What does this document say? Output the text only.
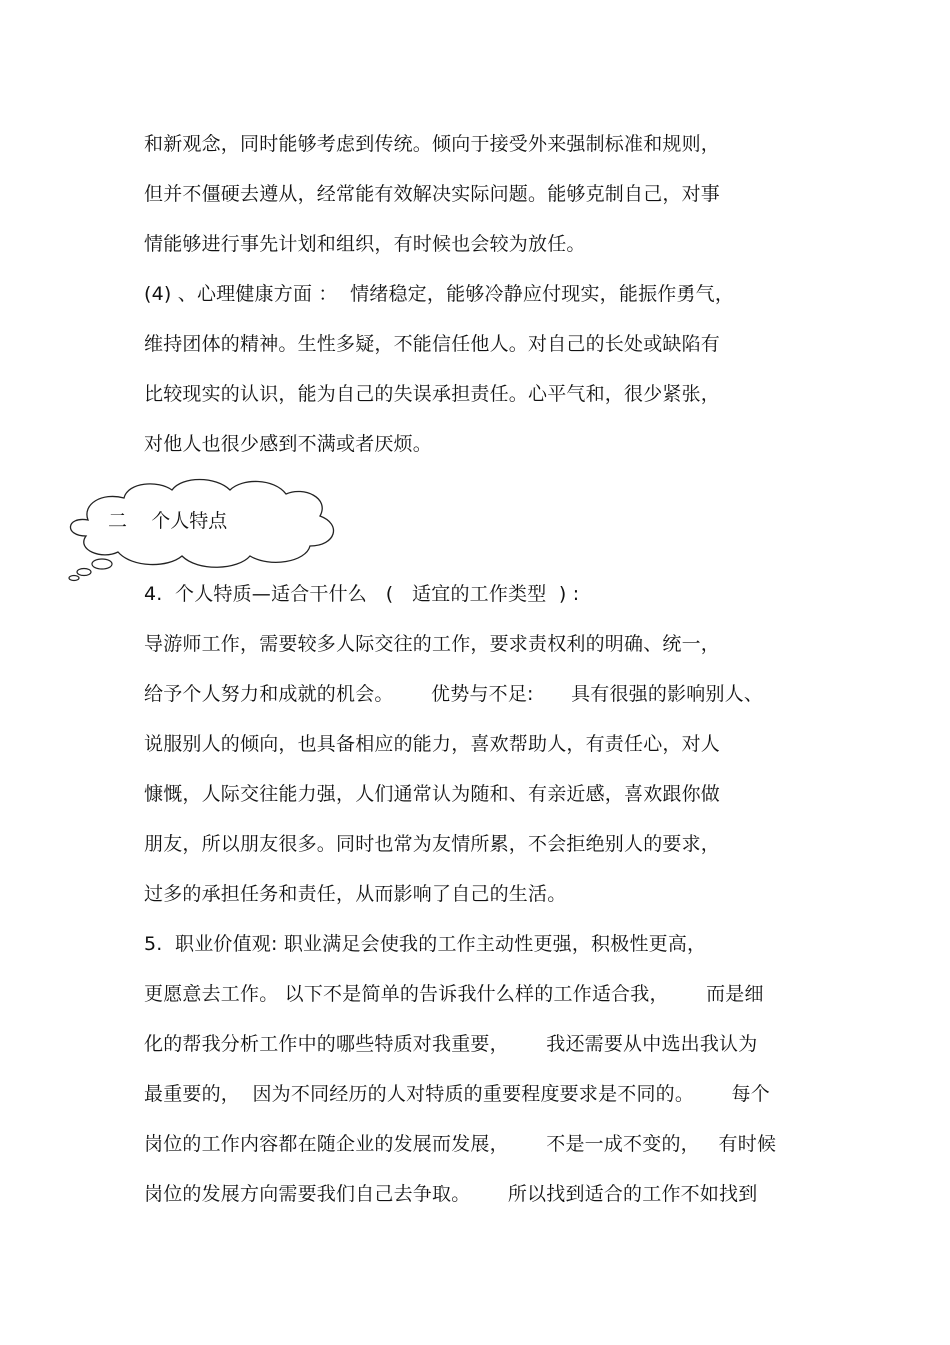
和新观念，同时能够考虑到传统。倾向于接受外来强制标准和规则，
但并不僵硬去遵从，经常能有效解决实际问题。能够克制自己，对事
情能够进行事先计划和组织，有时候也会较为放任。
(4) 、心理健康方面 ：  情绪稳定，能够冷静应付现实，能振作勇气，
维持团体的精神。生性多疑，不能信任他人。对自己的长处或缺陷有
比较现实的认识，能为自己的失误承担责任。心平气和，很少紧张，
对他人也很少感到不满或者厌烦。
二 个人特点
4.  个人特质—适合干什么   (   适宜的工作类型  ) :
导游师工作，需要较多人际交往的工作，要求责权利的明确、统一，
给予个人努力和成就的机会。      优势与不足:      具有很强的影响别人、
说服别人的倾向，也具备相应的能力，喜欢帮助人，有责任心，对人
慷慨，人际交往能力强，人们通常认为随和、有亲近感，喜欢跟你做
朋友，所以朋友很多。同时也常为友情所累，不会拒绝别人的要求，
过多的承担任务和责任，从而影响了自己的生活。
5.  职业价值观: 职业满足会使我的工作主动性更强，积极性更高，
更愿意去工作。 以下不是简单的告诉我什么样的工作适合我，      而是细
化的帮我分析工作中的哪些特质对我重要，      我还需要从中选出我认为
最重要的，  因为不同经历的人对特质的重要程度要求是不同的。      每个
岗位的工作内容都在随企业的发展而发展，      不是一成不变的，   有时候
岗位的发展方向需要我们自己去争取。      所以找到适合的工作不如找到
